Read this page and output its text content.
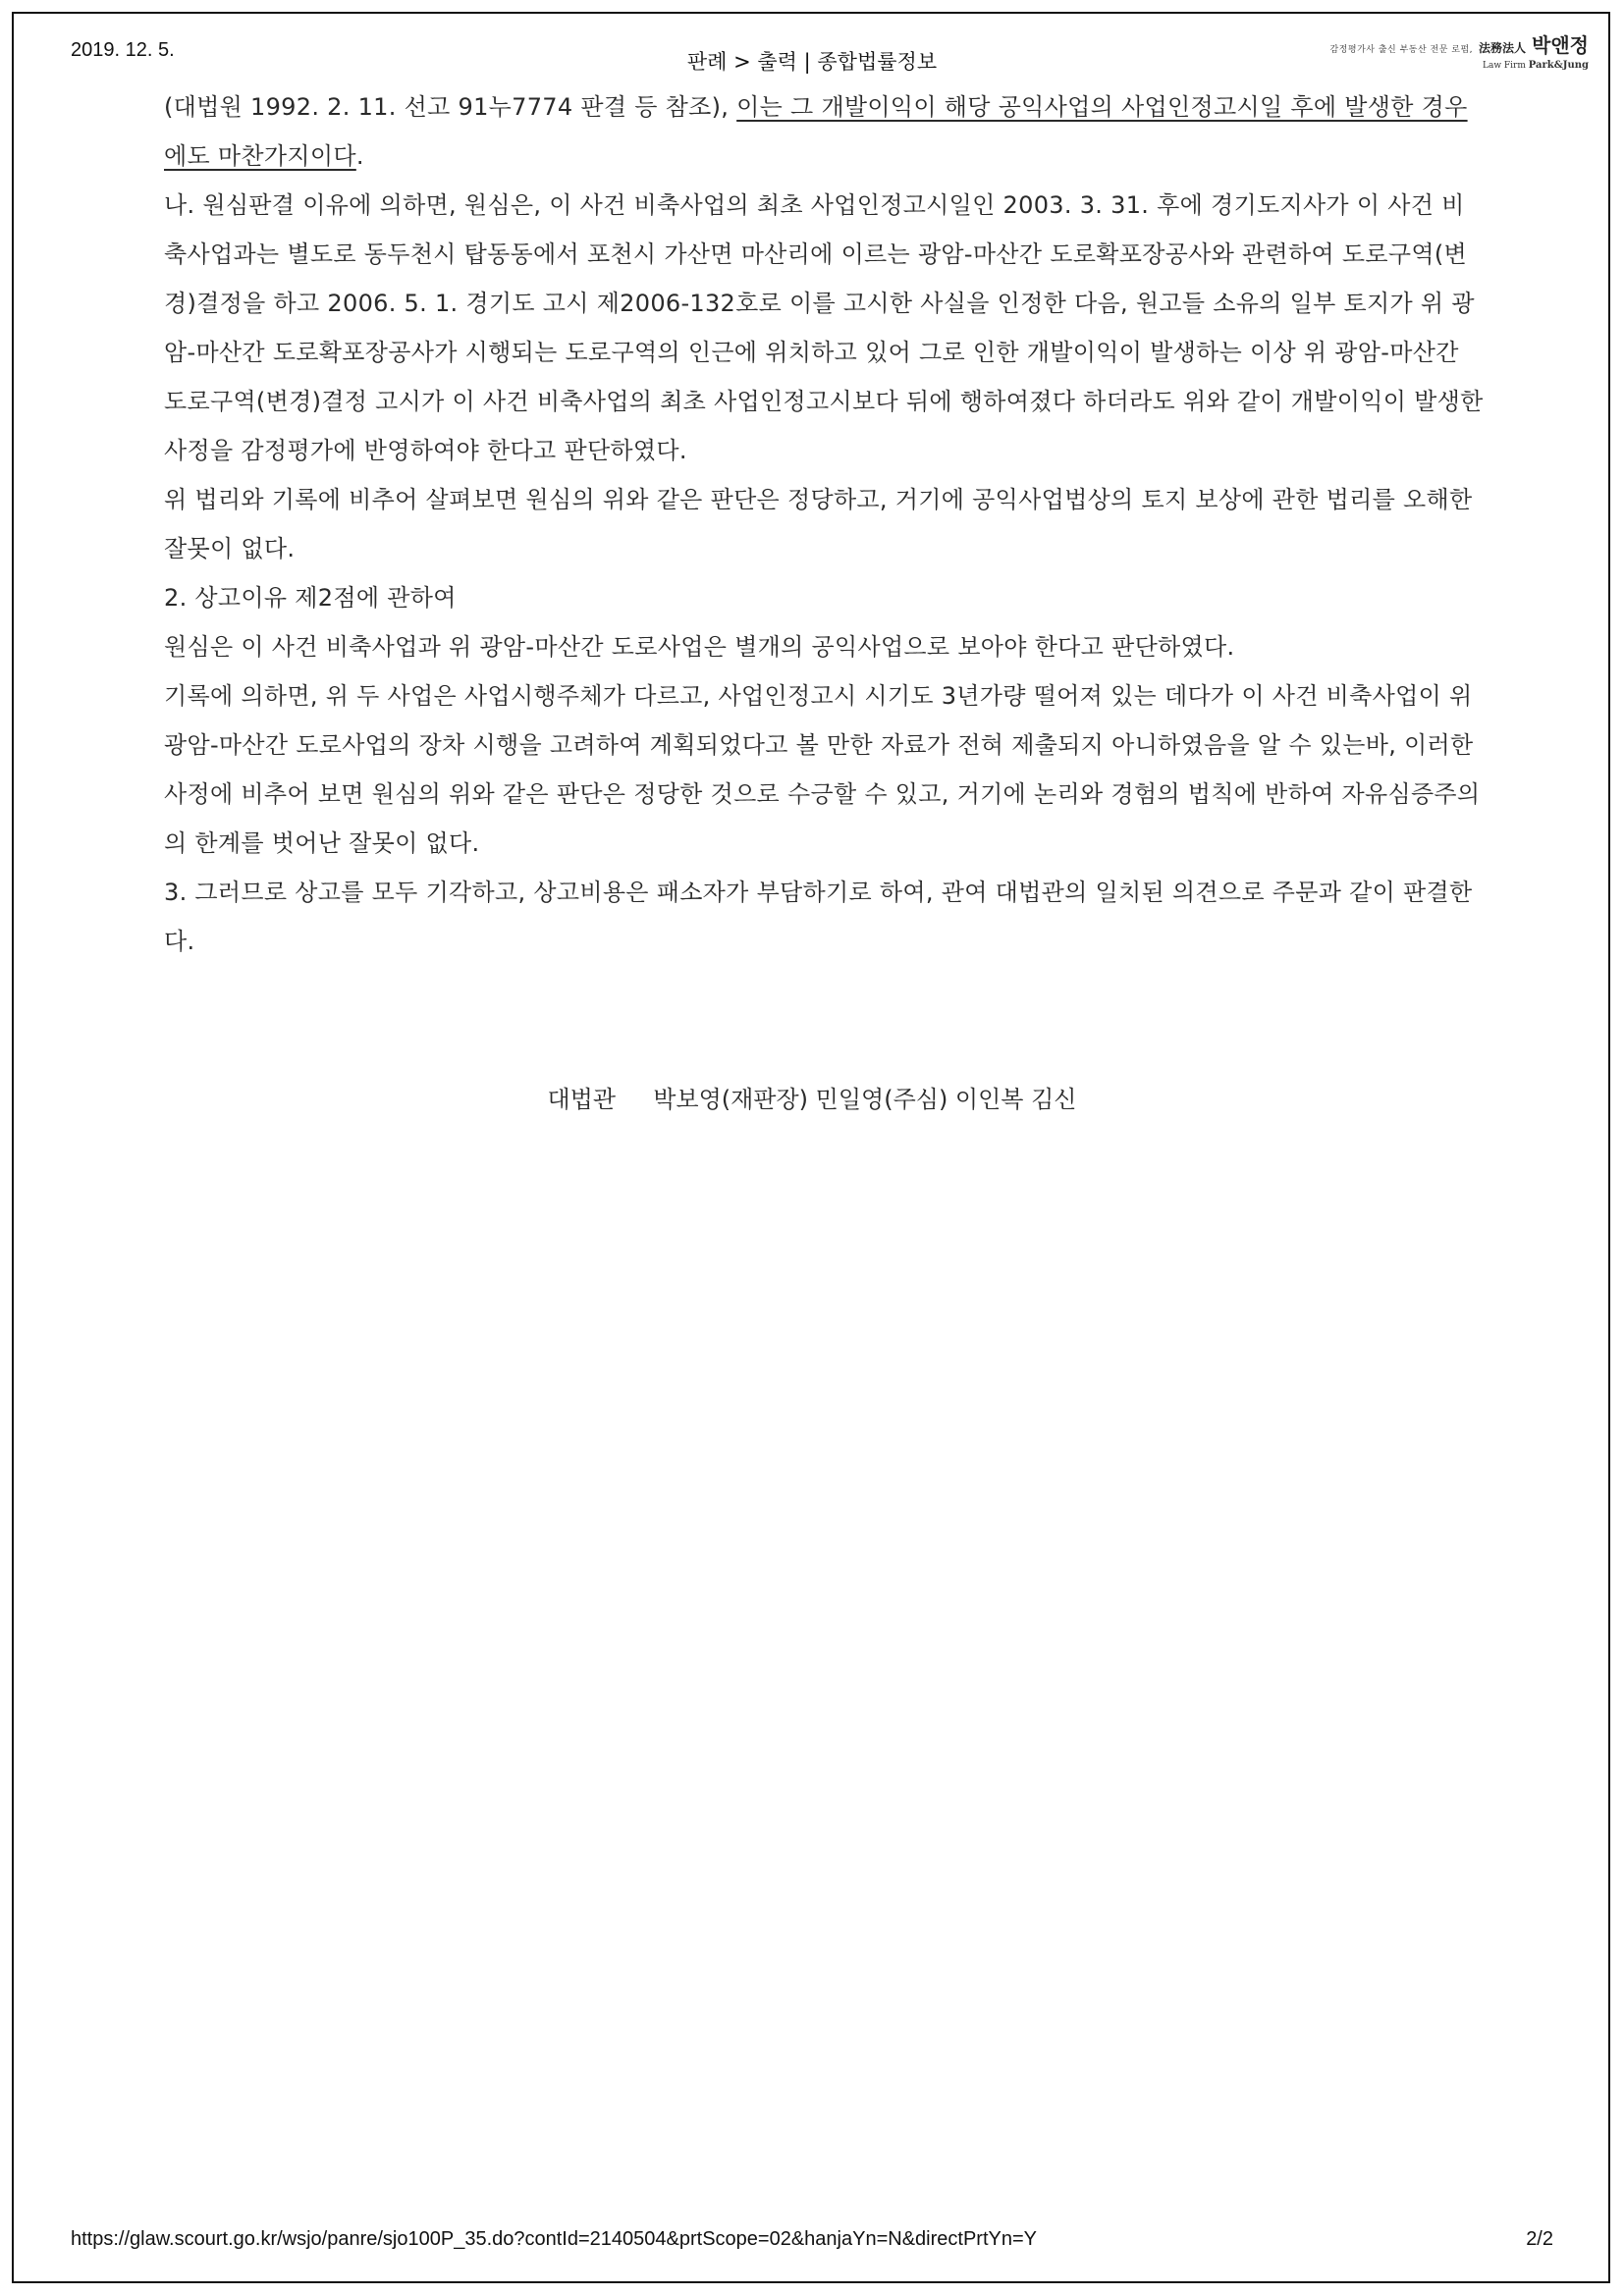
2019. 12. 5.	판례 > 출력 | 종합법률정보	감정평가사 출신 부동산 전문 로펌, 法務法人 박앤정
Law Firm Park&Jung

(대법원 1992. 2. 11. 선고 91누7774 판결 등 참조), 이는 그 개발이익이 해당 공익사업의 사업인정고시일 후에 발생한 경우에도 마찬가지이다.

나. 원심판결 이유에 의하면, 원심은, 이 사건 비축사업의 최초 사업인정고시일인 2003. 3. 31. 후에 경기도지사가 이 사건 비축사업과는 별도로 동두천시 탑동동에서 포천시 가산면 마산리에 이르는 광암-마산간 도로확포장공사와 관련하여 도로구역(변경)결정을 하고 2006. 5. 1. 경기도 고시 제2006-132호로 이를 고시한 사실을 인정한 다음, 원고들 소유의 일부 토지가 위 광암-마산간 도로확포장공사가 시행되는 도로구역의 인근에 위치하고 있어 그로 인한 개발이익이 발생하는 이상 위 광암-마산간 도로구역(변경)결정 고시가 이 사건 비축사업의 최초 사업인정고시보다 뒤에 행하여졌다 하더라도 위와 같이 개발이익이 발생한 사정을 감정평가에 반영하여야 한다고 판단하였다.

위 법리와 기록에 비추어 살펴보면 원심의 위와 같은 판단은 정당하고, 거기에 공익사업법상의 토지 보상에 관한 법리를 오해한 잘못이 없다.

2. 상고이유 제2점에 관하여

원심은 이 사건 비축사업과 위 광암-마산간 도로사업은 별개의 공익사업으로 보아야 한다고 판단하였다.

기록에 의하면, 위 두 사업은 사업시행주체가 다르고, 사업인정고시 시기도 3년가량 떨어져 있는 데다가 이 사건 비축사업이 위 광암-마산간 도로사업의 장차 시행을 고려하여 계획되었다고 볼 만한 자료가 전혀 제출되지 아니하였음을 알 수 있는바, 이러한 사정에 비추어 보면 원심의 위와 같은 판단은 정당한 것으로 수긍할 수 있고, 거기에 논리와 경험의 법칙에 반하여 자유심증주의의 한계를 벗어난 잘못이 없다.

3. 그러므로 상고를 모두 기각하고, 상고비용은 패소자가 부담하기로 하여, 관여 대법관의 일치된 의견으로 주문과 같이 판결한다.

대법관     박보영(재판장) 민일영(주심) 이인복 김신
https://glaw.scourt.go.kr/wsjo/panre/sjo100P_35.do?contId=2140504&prtScope=02&hanjaYn=N&directPrtYn=Y	2/2
